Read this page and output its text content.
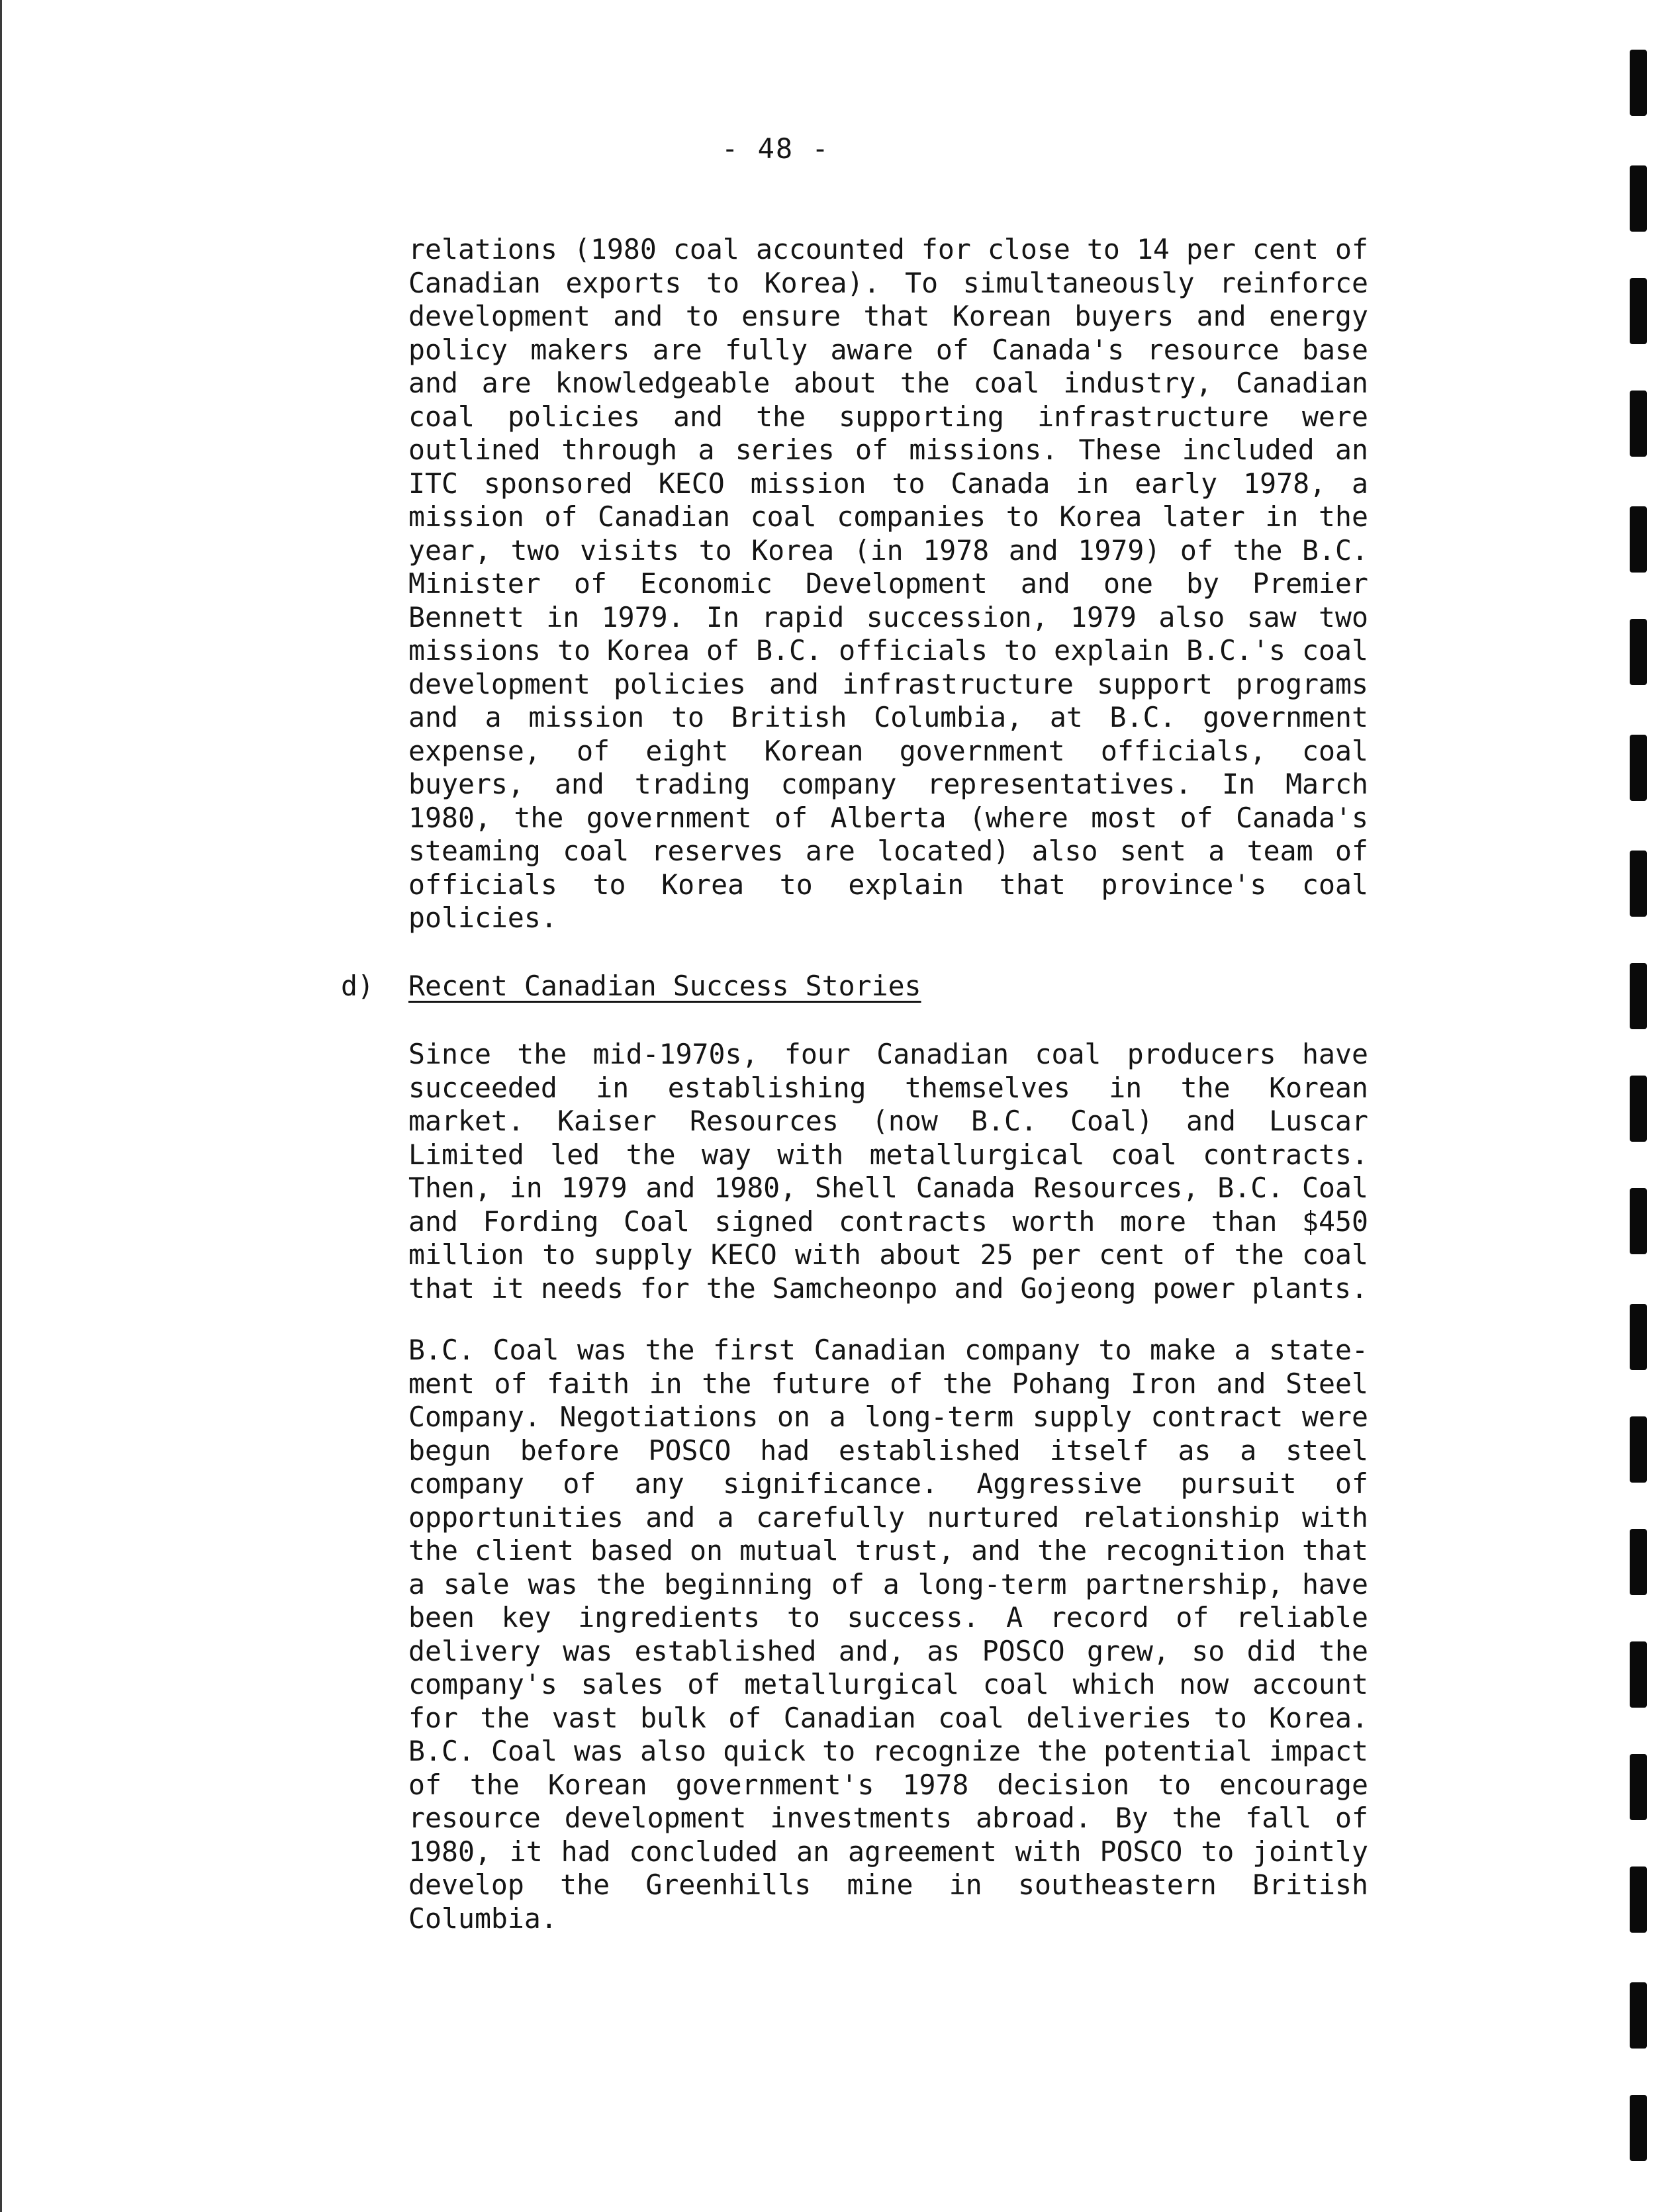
- 48 -
relations (1980 coal accounted for close to 14 per cent of
Canadian exports to Korea). To simultaneously reinforce
development and to ensure that Korean buyers and energy
policy makers are fully aware of Canada's resource base
and are knowledgeable about the coal industry, Canadian
coal policies and the supporting infrastructure were
outlined through a series of missions. These included an
ITC sponsored KECO mission to Canada in early 1978, a
mission of Canadian coal companies to Korea later in the
year, two visits to Korea (in 1978 and 1979) of the B.C.
Minister of Economic Development and one by Premier
Bennett in 1979. In rapid succession, 1979 also saw two
missions to Korea of B.C. officials to explain B.C.'s coal
development policies and infrastructure support programs
and a mission to British Columbia, at B.C. government
expense, of eight Korean government officials, coal
buyers, and trading company representatives. In March
1980, the government of Alberta (where most of Canada's
steaming coal reserves are located) also sent a team of
officials to Korea to explain that province's coal
policies.
d) Recent Canadian Success Stories
Since the mid-1970s, four Canadian coal producers have
succeeded in establishing themselves in the Korean
market. Kaiser Resources (now B.C. Coal) and Luscar
Limited led the way with metallurgical coal contracts.
Then, in 1979 and 1980, Shell Canada Resources, B.C. Coal
and Fording Coal signed contracts worth more than $450
million to supply KECO with about 25 per cent of the coal
that it needs for the Samcheonpo and Gojeong power plants.
B.C. Coal was the first Canadian company to make a state-
ment of faith in the future of the Pohang Iron and Steel
Company. Negotiations on a long-term supply contract were
begun before POSCO had established itself as a steel
company of any significance. Aggressive pursuit of
opportunities and a carefully nurtured relationship with
the client based on mutual trust, and the recognition that
a sale was the beginning of a long-term partnership, have
been key ingredients to success. A record of reliable
delivery was established and, as POSCO grew, so did the
company's sales of metallurgical coal which now account
for the vast bulk of Canadian coal deliveries to Korea.
B.C. Coal was also quick to recognize the potential impact
of the Korean government's 1978 decision to encourage
resource development investments abroad. By the fall of
1980, it had concluded an agreement with POSCO to jointly
develop the Greenhills mine in southeastern British
Columbia.
